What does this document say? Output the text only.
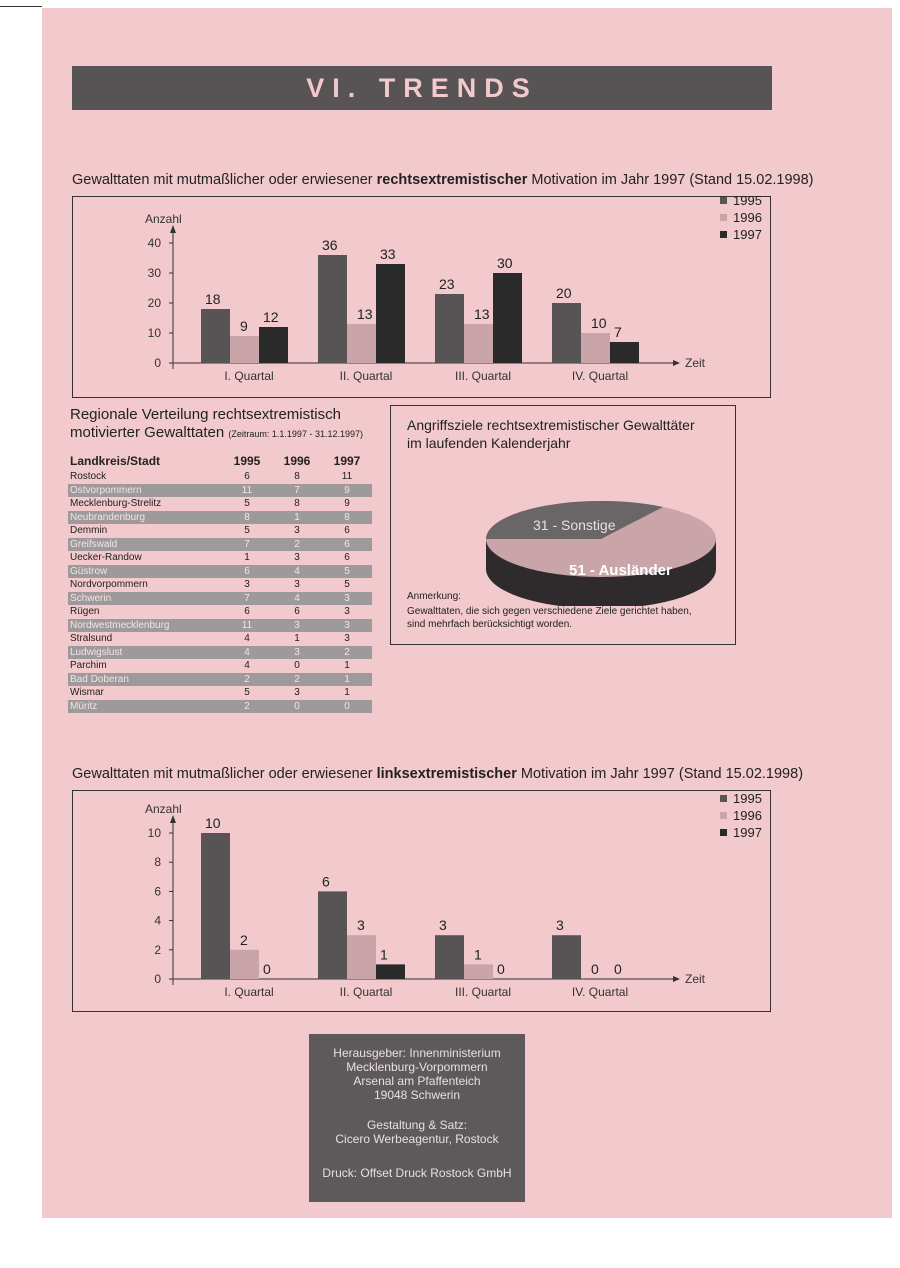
VI. TRENDS
Gewalttaten mit mutmaßlicher oder erwiesener rechtsextremistischer Motivation im Jahr 1997 (Stand 15.02.1998)
Anzahl
Zeit
0
10
20
30
40
18
9
12
I. Quartal
36
13
33
II. Quartal
23
13
30
III. Quartal
20
10
7
IV. Quartal
1995
1996
1997
Regionale Verteilung rechtsextremistisch
motivierter Gewalttaten (Zeitraum: 1.1.1997 - 31.12.1997)
Landkreis/Stadt	1995	1996	1997
Rostock	6	8	11
Ostvorpommern	11	7	9
Mecklenburg-Strelitz	5	8	9
Neubrandenburg	8	1	8
Demmin	5	3	6
Greifswald	7	2	6
Uecker-Randow	1	3	6
Güstrow	6	4	5
Nordvorpommern	3	3	5
Schwerin	7	4	3
Rügen	6	6	3
Nordwestmecklenburg	11	3	3
Stralsund	4	1	3
Ludwigslust	4	3	2
Parchim	4	0	1
Bad Doberan	2	2	1
Wismar	5	3	1
Müritz	2	0	0
Angriffsziele rechtsextremistischer Gewalttäter im laufenden Kalenderjahr
31 - Sonstige
51 - Ausländer
Anmerkung:
Gewalttaten, die sich gegen verschiedene Ziele gerichtet haben, sind mehrfach berücksichtigt worden.
Gewalttaten mit mutmaßlicher oder erwiesener linksextremistischer Motivation im Jahr 1997 (Stand 15.02.1998)
Anzahl
Zeit
0
2
4
6
8
10
10
2
0
I. Quartal
6
3
1
II. Quartal
3
1
0
III. Quartal
3
0 0
IV. Quartal
1995
1996
1997
Herausgeber: Innenministerium
Mecklenburg-Vorpommern
Arsenal am Pfaffenteich
19048 Schwerin
Gestaltung & Satz:
Cicero Werbeagentur, Rostock
Druck: Offset Druck Rostock GmbH
